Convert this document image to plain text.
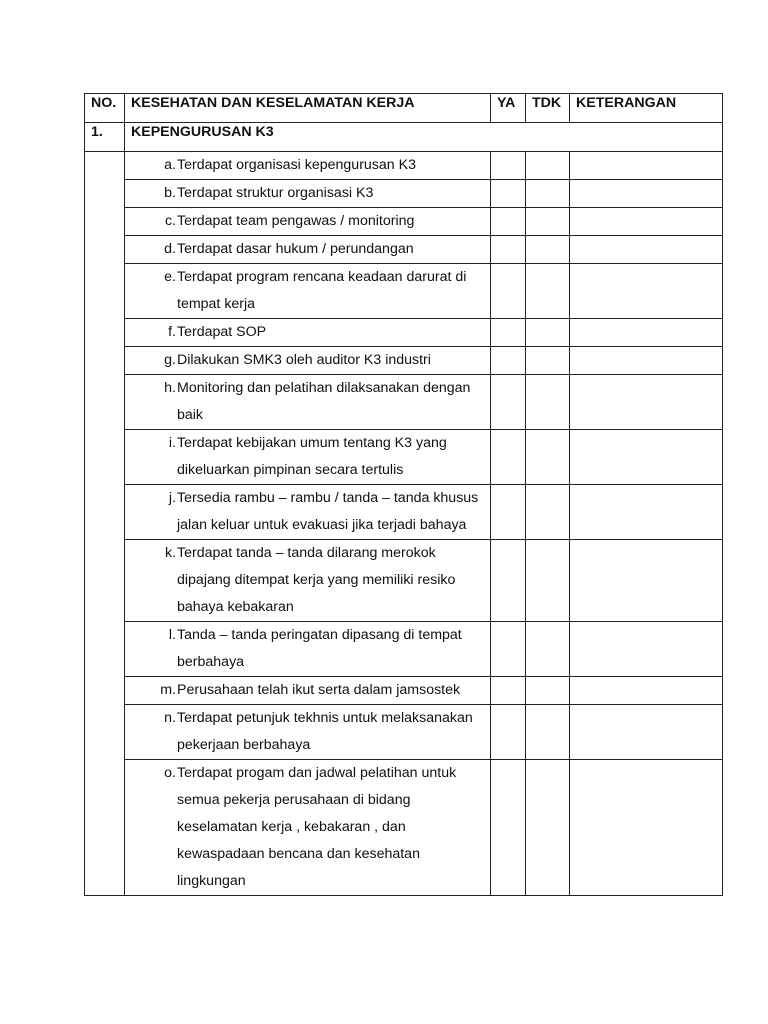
NO.	KESEHATAN DAN KESELAMATAN KERJA	YA	TDK	KETERANGAN
1.	KEPENGURUSAN K3			

	a. Terdapat organisasi kepengurusan K3			

	b. Terdapat struktur organisasi K3			

	c. Terdapat team pengawas / monitoring			

	d. Terdapat dasar hukum / perundangan			

	e. Terdapat program rencana keadaan darurat di tempat kerja			

	f. Terdapat SOP			

	g. Dilakukan SMK3 oleh auditor K3 industri			

	h. Monitoring dan pelatihan dilaksanakan dengan baik			

	i. Terdapat kebijakan umum tentang K3 yang dikeluarkan pimpinan secara tertulis			

	j. Tersedia rambu – rambu / tanda – tanda khusus jalan keluar untuk evakuasi jika terjadi bahaya			

	k. Terdapat tanda – tanda dilarang merokok dipajang ditempat kerja yang memiliki resiko bahaya kebakaran			

	l. Tanda – tanda peringatan dipasang di tempat berbahaya			

	m. Perusahaan telah ikut serta dalam jamsostek			

	n. Terdapat petunjuk tekhnis untuk melaksanakan pekerjaan berbahaya			

	o. Terdapat progam dan jadwal pelatihan untuk semua pekerja perusahaan di bidang keselamatan kerja , kebakaran , dan kewaspadaan bencana dan kesehatan lingkungan			
